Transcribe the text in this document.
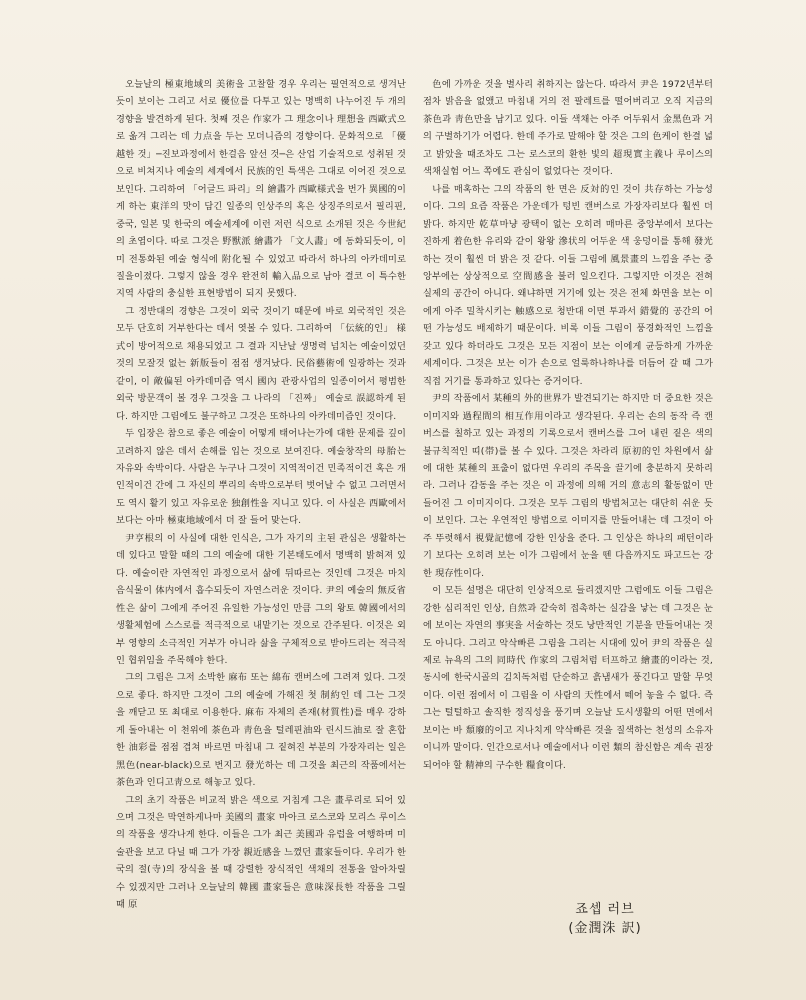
오늘날의 極東地域의 美術을 고찰할 경우 우리는 필연적으로 생겨난 듯이 보이는 그리고 서로 優位를 다투고 있는 명백히 나누어진 두 개의 경향을 발견하게 된다. 첫째 것은 作家가 그 理念이나 理想을 西歐式으로 옮겨 그리는 데 力点을 두는 모더니즘의 경향이다. 문화적으로 「優越한 것」─진보과정에서 한걸음 앞선 것─은 산업 기술적으로 성취된 것으로 비쳐지나 예술의 세계에서 民族的인 특색은 그대로 이어진 것으로 보인다. 그리하여 「어글드 파리」의 繪畵가 西歐様式을 번가 異國的이게 하는 東洋의 맛이 담긴 일종의 인상주의 혹은 상징주의로서 필리핀, 중국, 일본 및 한국의 예술세계에 이런 저런 식으로 소개된 것은 今世紀의 초엽이다. 따로 그것은 野獸派 繪畵가 「文人畵」에 동화되듯이, 이미 전통화된 예술 형식에 附化될 수 있었고 따라서 하나의 아카데미로 질을이졌다. 그렇지 않을 경우 완전히 輸入品으로 남아 결코 이 특수한 지역 사람의 충실한 표현방법이 되지 못했다.

그 정반대의 경향은 그것이 외국 것이기 때문에 바로 외국적인 것은 모두 단호히 거부한다는 데서 엿볼 수 있다. 그리하여 「伝統的인」 様式이 방어적으로 채용되었고 그 결과 지난날 생명력 넘치는 예술이었던 것의 모잘것 없는 新版들이 점점 생겨났다. 民俗藝術에 일광하는 것과 같이, 이 敵偏된 아카데미즘 역시 國內 관광사업의 일종이어서 평범한 외국 방문객이 볼 경우 그것을 그 나라의 「진짜」 예술로 誤認하게 된다. 하지만 그림에도 불구하고 그것은 또하나의 아카데미즘인 것이다.

두 입장은 참으로 좋은 예술이 어떻게 태어나는가에 대한 문제를 깊이 고려하지 않은 데서 손해를 입는 것으로 보여진다. 예술창작의 母胎는 자유와 속박이다. 사람은 누구나 그것이 지역적이건 민족적이건 혹은 개인적이건 간에 그 자신의 뿌리의 속박으로부터 벗어날 수 없고 그러면서도 역시 활기 있고 자유로운 独創性을 지니고 있다. 이 사실은 西歐에서 보다는 아마 極東地域에서 더 잘 들어 맞는다.

尹亨根의 이 사실에 대한 인식은, 그가 자기의 主된 관심은 생활하는 데 있다고 말할 때의 그의 예술에 대한 기본태도에서 명백히 밝혀져 있다. 예술이란 자연적인 과정으로서 삶에 뒤따르는 것인데 그것은 마치 음식물이 体内에서 흡수되듯이 자연스러운 것이다. 尹의 예술의 無反省性은 삶이 그에게 주어진 유일한 가능성인 만큼 그의 왕토 韓國에서의 생활체험에 스스로를 적극적으로 내맡기는 것으로 간주된다. 이것은 외부 영향의 소극적인 거부가 아니라 삶을 구체적으로 받아드리는 적극적인 협위임을 주목해야 한다.

그의 그림은 그저 소박한 麻布 또는 綿布 캔버스에 그려져 있다. 그것으로 좋다. 하지만 그것이 그의 예술에 가해진 첫 制約인 데 그는 그것을 깨닫고 또 최대로 이용한다. 麻布 자체의 존재(材質性)를 매우 강하게 돌아내는 이 천위에 茶色과 靑色을 털레핀油와 린시드油로 잘 혼합한 油彩를 점점 겹쳐 바르면 마침내 그 짙혀진 부분의 가장자리는 일은 黑色(near-black)으로 번지고 發光하는 데 그것을 최근의 작품에서는 茶色과 인디고靑으로 해놓고 있다.

그의 초기 작품은 비교적 밝은 색으로 거침게 그은 畫루리로 되어 있으며 그것은 막연하게나마 美國의 畫家 마아크 로스코와 모리스 루이스의 작품을 생각나게 한다. 이들은 그가 최근 美國과 유럽을 여행하며 미술관을 보고 다닐 때 그가 가장 親近感을 느꼈던 畫家들이다. 우리가 한국의 절(寺)의 장식을 볼 때 강렬한 장식적인 색채의 전통을 알아차릴 수 있겠지만 그러나 오늘날의 韓國 畫家들은 意味深長한 작품을 그릴 때 原

色에 가까운 것을 별사리 취하지는 않는다. 따라서 尹은 1972년부터 점차 밝음을 없앴고 마침내 거의 전 팔레트를 떨어버리고 오직 지금의 茶色과 靑色만을 남기고 있다. 이들 색채는 아주 어두워서 金黑色과 거의 구별하기가 어렵다. 한데 주가로 말해야 할 것은 그의 色케이 한결 넓고 밝았을 때조차도 그는 로스코의 환한 빛의 超現實主義나 루이스의 색채실험 어느 쪽에도 관심이 없었다는 것이다.

나를 매혹하는 그의 작품의 한 면은 反対的인 것이 共存하는 가능성이다. 그의 요즘 작품은 가운데가 텅빈 캔버스로 가장자리보다 훨씬 더 밝다. 하지만 乾草마냥 광택이 없는 오히려 매마른 중앙부에서 보다는 진하게 着色한 유리와 같이 왕왕 滲状의 어두운 색 웅덩이를 통해 發光하는 것이 훨씬 더 밝은 것 같다. 이들 그림에 風景畫의 느낌을 주는 중앙부에는 상상적으로 空間感을 불러 일으킨다. 그렇지만 이것은 전혀 실제의 공간이 아니다. 왜냐하면 거기에 있는 것은 전체 화면을 보는 이에게 아주 밀착시키는 触感으로 청반대 이면 투과서 錯覺的 공간의 어떤 가능성도 배제하기 때문이다. 비록 이들 그림이 풍경화적인 느낌을 갖고 있다 하더라도 그것은 모든 지점이 보는 이에게 균등하게 가까운 세계이다. 그것은 보는 이가 손으로 얼룩하나하나를 더듬어 갈 때 그가 직접 거기를 통과하고 있다는 증거이다.

尹의 작품에서 某種의 外的世界가 발견되기는 하지만 더 중요한 것은 이미지와 過程間의 相互作用이라고 생각된다. 우리는 손의 동작 즉 캔버스를 칠하고 있는 과정의 기록으로서 캔버스를 그어 내린 짙은 색의 불규칙적인 띠(帯)를 볼 수 있다. 그것은 차라리 原初的인 차원에서 삶에 대한 某種의 표출이 없다면 우리의 주목을 끌기에 충분하지 못하리라. 그러나 감동을 주는 것은 이 과정에 의해 거의 意志의 활동없이 만들어진 그 이미지이다. 그것은 모두 그림의 방법처고는 대단히 쉬운 듯이 보인다. 그는 우연적인 방법으로 이미지를 만들어내는 데 그것이 아주 뚜렷해서 視覺記憶에 강한 인상을 준다. 그 인상은 하나의 패턴이라기 보다는 오히려 보는 이가 그림에서 눈을 뗀 다음까지도 파고드는 강한 現存性이다.

이 모든 설명은 대단히 인상적으로 들리겠지만 그럼에도 이들 그림은 강한 심리적인 인상, 自然과 같숙히 접촉하는 실감을 낳는 데 그것은 눈에 보이는 자연의 事実을 서술하는 것도 낭만적인 기분을 만들어내는 것도 아니다. 그리고 악삭빠른 그림을 그리는 시대에 있어 尹의 작품은 실제로 뉴욕의 그의 同時代 作家의 그림처럼 터프하고 繪畫的이라는 것, 동시에 한국시골의 김치독처럼 단순하고 흙냄새가 풍긴다고 말할 무엇이다. 이런 점에서 이 그림을 이 사람의 天性에서 떼어 놓을 수 없다. 즉 그는 털털하고 솔직한 정직성을 풍기며 오늘날 도시생활의 어떤 면에서 보이는 바 頹廢的이고 지나치게 약삭빠른 것을 질색하는 천성의 소유자이니까 말이다. 인간으로서나 예술에서나 이런 類의 참신함은 계속 권장되어야 할 精神의 구수한 糧食이다.

죠셉 러브
(金潤洙 訳)
